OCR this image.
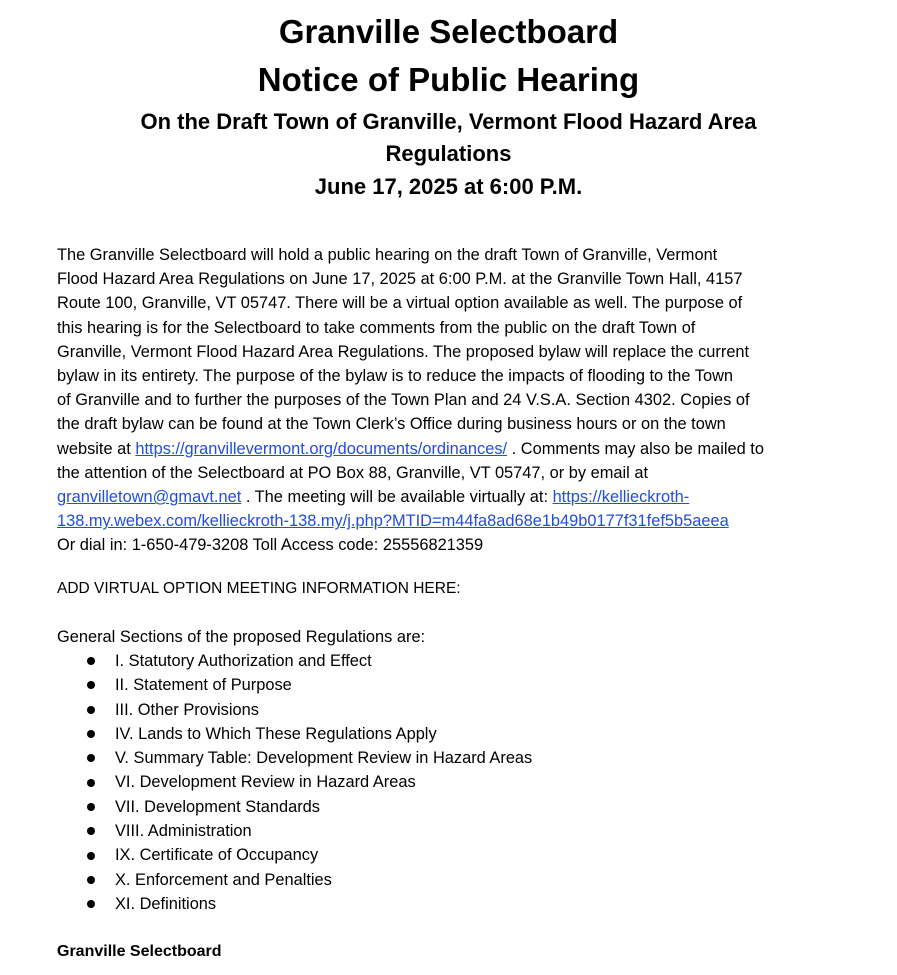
Granville Selectboard
Notice of Public Hearing
On the Draft Town of Granville, Vermont Flood Hazard Area
Regulations
June 17, 2025 at 6:00 P.M.
The Granville Selectboard will hold a public hearing on the draft Town of Granville, Vermont
Flood Hazard Area Regulations on June 17, 2025 at 6:00 P.M. at the Granville Town Hall, 4157
Route 100, Granville, VT 05747. There will be a virtual option available as well. The purpose of
this hearing is for the Selectboard to take comments from the public on the draft Town of
Granville, Vermont Flood Hazard Area Regulations. The proposed bylaw will replace the current
bylaw in its entirety. The purpose of the bylaw is to reduce the impacts of flooding to the Town
of Granville and to further the purposes of the Town Plan and 24 V.S.A. Section 4302. Copies of
the draft bylaw can be found at the Town Clerk’s Office during business hours or on the town
website at https://granvillevermont.org/documents/ordinances/ . Comments may also be mailed to
the attention of the Selectboard at PO Box 88, Granville, VT 05747, or by email at
granvilletown@gmavt.net . The meeting will be available virtually at: https://kellieckroth-
138.my.webex.com/kellieckroth-138.my/j.php?MTID=m44fa8ad68e1b49b0177f31fef5b5aeea
Or dial in: 1-650-479-3208 Toll Access code: 25556821359
ADD VIRTUAL OPTION MEETING INFORMATION HERE:
General Sections of the proposed Regulations are:
I. Statutory Authorization and Effect
II. Statement of Purpose
III. Other Provisions
IV. Lands to Which These Regulations Apply
V. Summary Table: Development Review in Hazard Areas
VI. Development Review in Hazard Areas
VII. Development Standards
VIII. Administration
IX. Certificate of Occupancy
X. Enforcement and Penalties
XI. Definitions
Granville Selectboard
